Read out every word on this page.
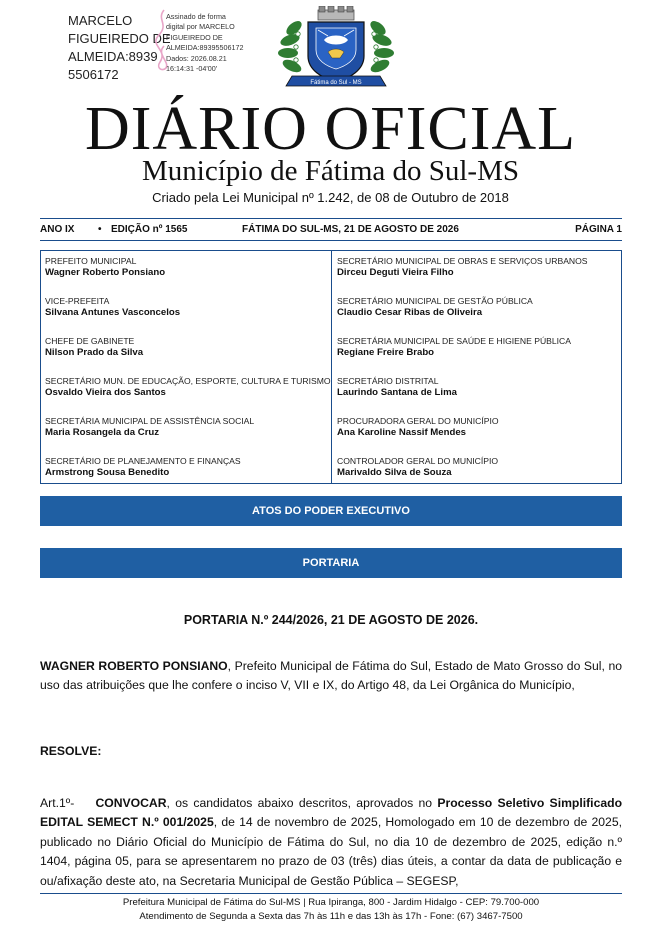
MARCELO
FIGUEIREDO DE
ALMEIDA:8939
5506172
Assinado de forma
digital por MARCELO
FIGUEIREDO DE
ALMEIDA:89395506172
Dados: 2026.08.21
16:14:31 -04'00'
Fátima do Sul - MS
DIÁRIO OFICIAL
Município de Fátima do Sul-MS
Criado pela Lei Municipal nº 1.242, de 08 de Outubro de 2018
ANO IX • EDIÇÃO nº 1565	FÁTIMA DO SUL-MS, 21 DE AGOSTO DE 2026	PÁGINA 1
PREFEITO MUNICIPAL
Wagner Roberto Ponsiano
VICE-PREFEITA
Silvana Antunes Vasconcelos
CHEFE DE GABINETE
Nilson Prado da Silva
SECRETÁRIO MUN. DE EDUCAÇÃO, ESPORTE, CULTURA E TURISMO
Osvaldo Vieira dos Santos
SECRETÁRIA MUNICIPAL DE ASSISTÊNCIA SOCIAL
Maria Rosangela da Cruz
SECRETÁRIO DE PLANEJAMENTO E FINANÇAS
Armstrong Sousa Benedito
SECRETÁRIO MUNICIPAL DE OBRAS E SERVIÇOS URBANOS
Dirceu Deguti Vieira Filho
SECRETÁRIO MUNICIPAL DE GESTÃO PÚBLICA
Claudio Cesar Ribas de Oliveira
SECRETÁRIA MUNICIPAL DE SAÚDE E HIGIENE PÚBLICA
Regiane Freire Brabo
SECRETÁRIO DISTRITAL
Laurindo Santana de Lima
PROCURADORA GERAL DO MUNICÍPIO
Ana Karoline Nassif Mendes
CONTROLADOR GERAL DO MUNICÍPIO
Marivaldo Silva de Souza
ATOS DO PODER EXECUTIVO
PORTARIA
PORTARIA N.º 244/2026, 21 DE AGOSTO DE 2026.
WAGNER ROBERTO PONSIANO, Prefeito Municipal de Fátima do Sul, Estado de Mato Grosso do Sul, no uso das atribuições que lhe confere o inciso V, VII e IX, do Artigo 48, da Lei Orgânica do Município,
RESOLVE:
Art.1º- CONVOCAR, os candidatos abaixo descritos, aprovados no Processo Seletivo Simplificado EDITAL SEMECT N.º 001/2025, de 14 de novembro de 2025, Homologado em 10 de dezembro de 2025, publicado no Diário Oficial do Município de Fátima do Sul, no dia 10 de dezembro de 2025, edição n.º 1404, página 05, para se apresentarem no prazo de 03 (três) dias úteis, a contar da data de publicação e ou/afixação deste ato, na Secretaria Municipal de Gestão Pública – SEGESP,
Prefeitura Municipal de Fátima do Sul-MS | Rua Ipiranga, 800 - Jardim Hidalgo - CEP: 79.700-000
Atendimento de Segunda a Sexta das 7h às 11h e das 13h às 17h - Fone: (67) 3467-7500
